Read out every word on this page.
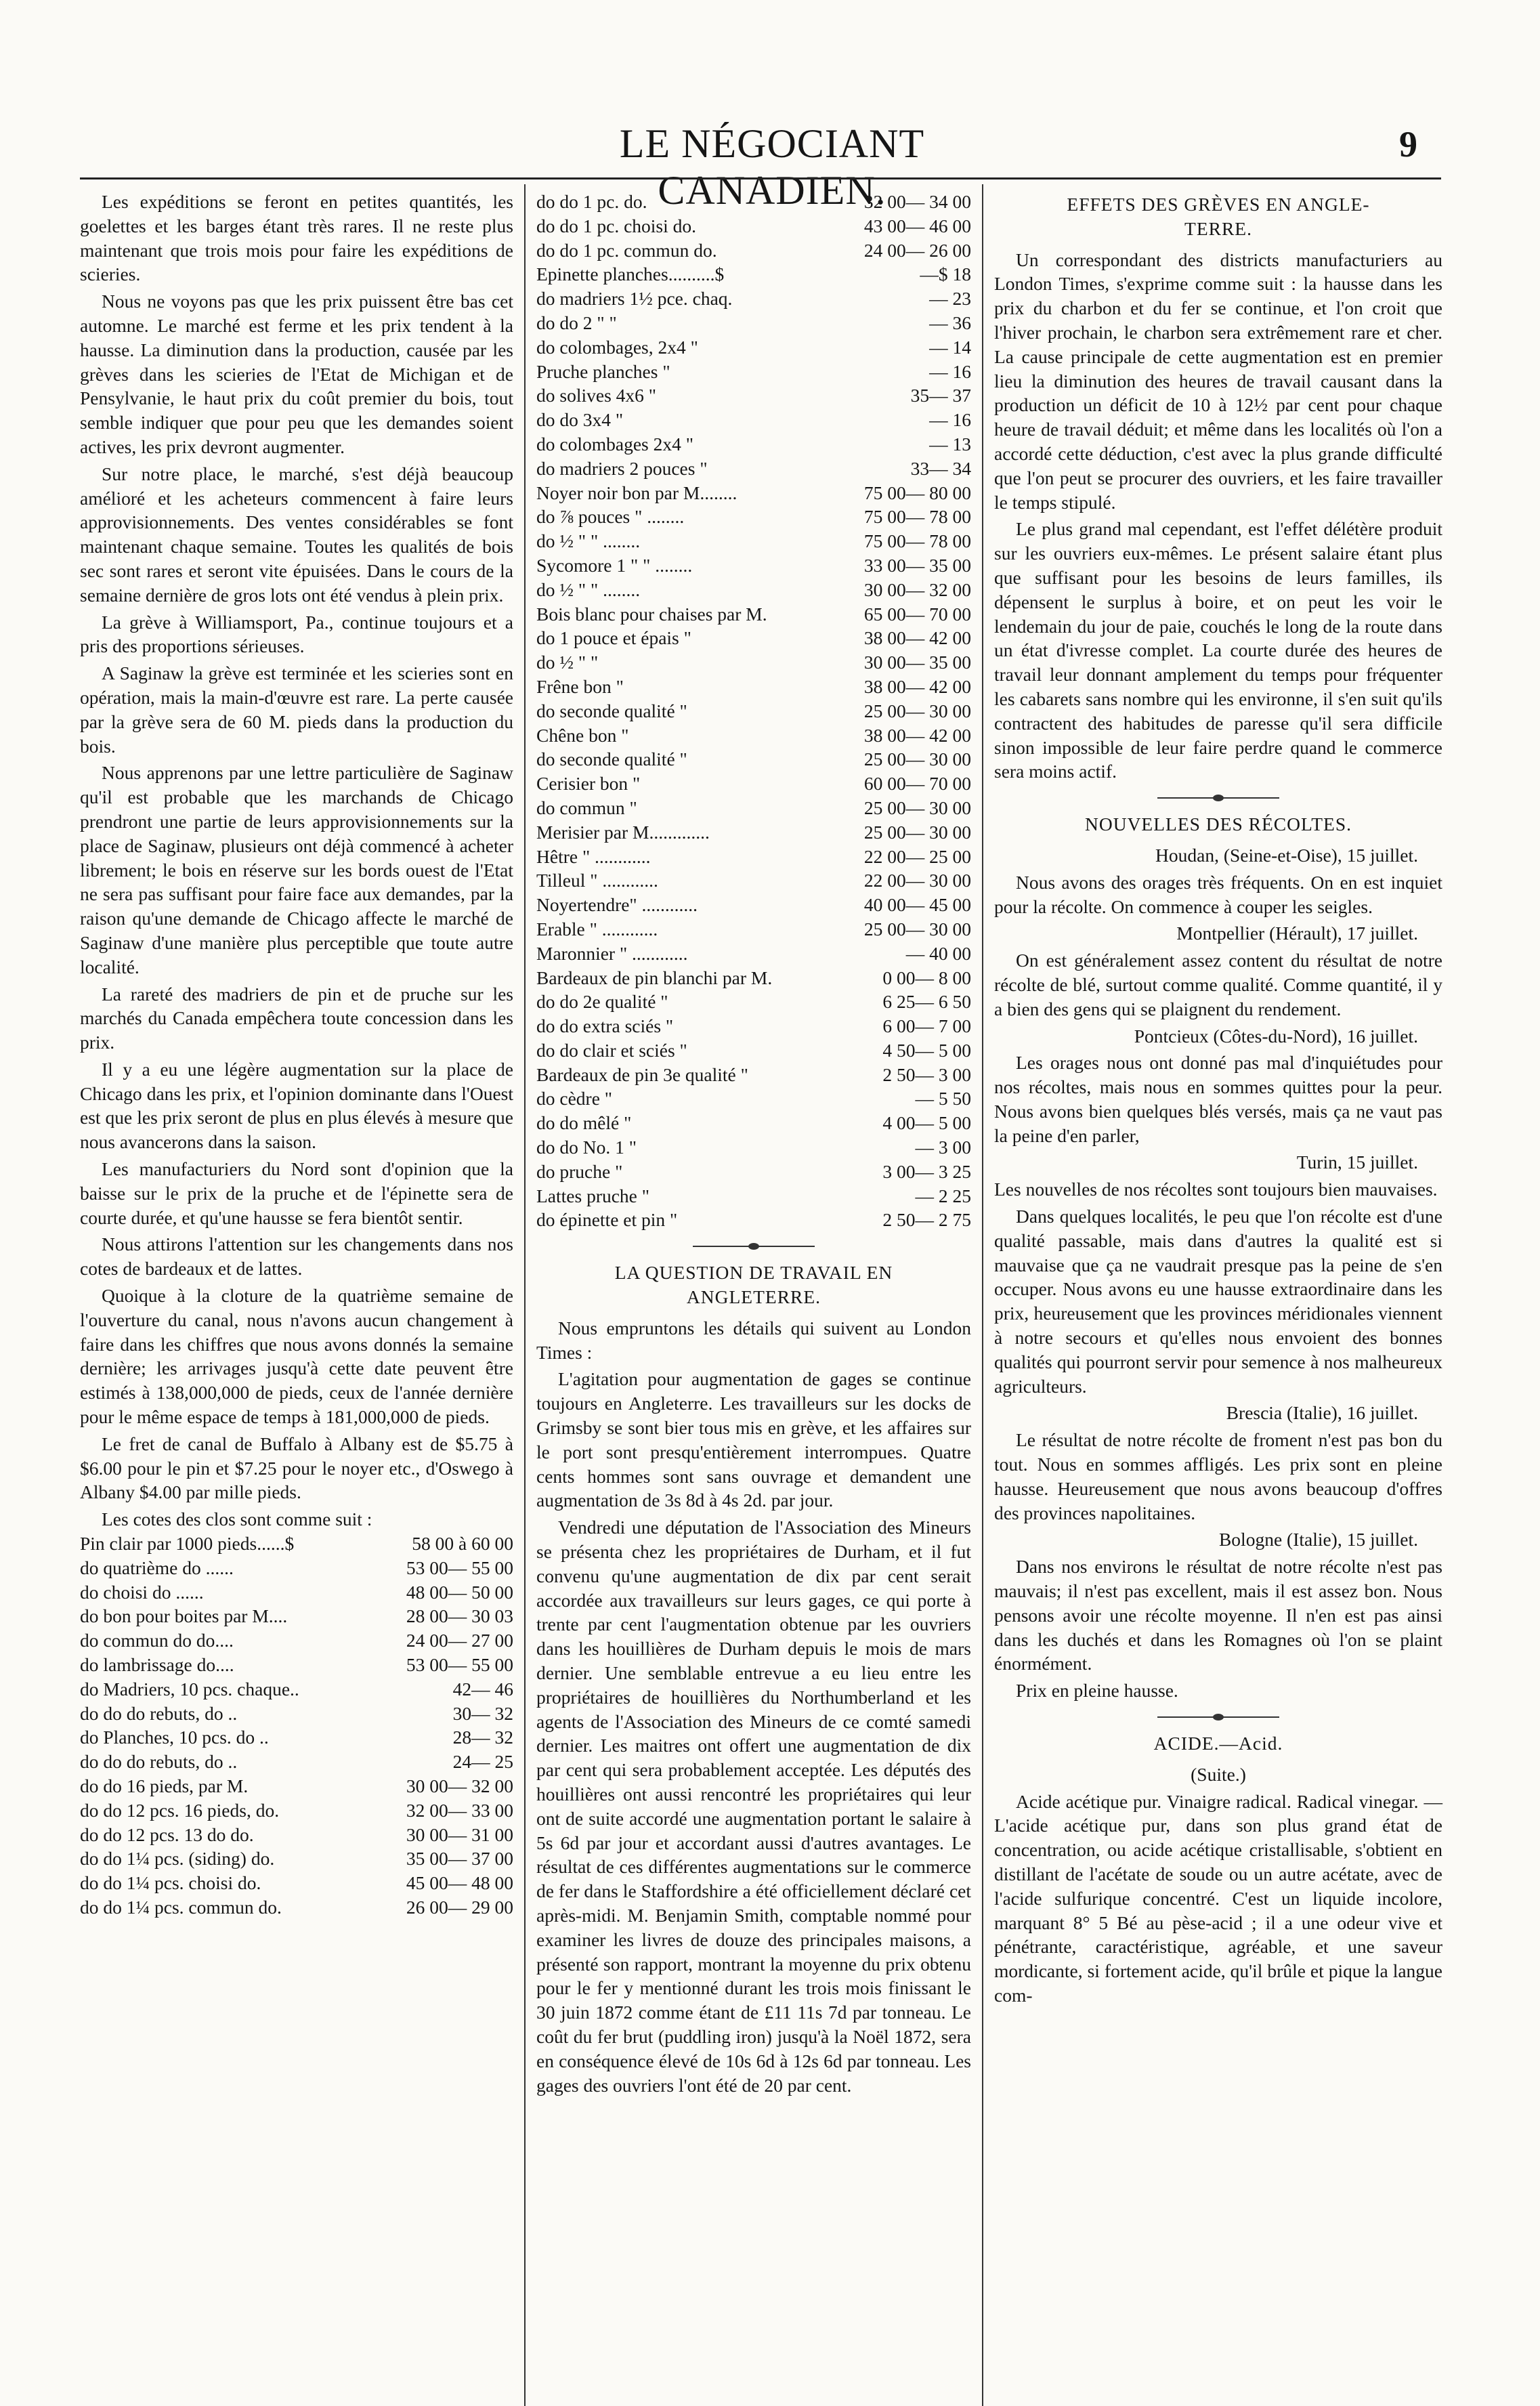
LE NÉGOCIANT CANADIEN.
9

Les expéditions se feront en petites quantités, les goelettes et les barges étant très rares. Il ne reste plus maintenant que trois mois pour faire les expéditions de scieries.

Nous ne voyons pas que les prix puissent être bas cet automne. Le marché est ferme et les prix tendent à la hausse. La diminution dans la production, causée par les grèves dans les scieries de l'Etat de Michigan et de Pensylvanie, le haut prix du coût premier du bois, tout semble indiquer que pour peu que les demandes soient actives, les prix devront augmenter.

Sur notre place, le marché, s'est déjà beaucoup amélioré et les acheteurs commencent à faire leurs approvisionnements. Des ventes considérables se font maintenant chaque semaine. Toutes les qualités de bois sec sont rares et seront vite épuisées. Dans le cours de la semaine dernière de gros lots ont été vendus à plein prix.

La grève à Williamsport, Pa., continue toujours et a pris des proportions sérieuses.

A Saginaw la grève est terminée et les scieries sont en opération, mais la main-d'œuvre est rare. La perte causée par la grève sera de 60 M. pieds dans la production du bois.

Nous apprenons par une lettre particulière de Saginaw qu'il est probable que les marchands de Chicago prendront une partie de leurs approvisionnements sur la place de Saginaw, plusieurs ont déjà commencé à acheter librement; le bois en réserve sur les bords ouest de l'Etat ne sera pas suffisant pour faire face aux demandes, par la raison qu'une demande de Chicago affecte le marché de Saginaw d'une manière plus perceptible que toute autre localité.

La rareté des madriers de pin et de pruche sur les marchés du Canada empêchera toute concession dans les prix.

Il y a eu une légère augmentation sur la place de Chicago dans les prix, et l'opinion dominante dans l'Ouest est que les prix seront de plus en plus élevés à mesure que nous avancerons dans la saison.

Les manufacturiers du Nord sont d'opinion que la baisse sur le prix de la pruche et de l'épinette sera de courte durée, et qu'une hausse se fera bientôt sentir.

Nous attirons l'attention sur les changements dans nos cotes de bardeaux et de lattes.

Quoique à la cloture de la quatrième semaine de l'ouverture du canal, nous n'avons aucun changement à faire dans les chiffres que nous avons donnés la semaine dernière; les arrivages jusqu'à cette date peuvent être estimés à 138,000,000 de pieds, ceux de l'année dernière pour le même espace de temps à 181,000,000 de pieds.

Le fret de canal de Buffalo à Albany est de $5.75 à $6.00 pour le pin et $7.25 pour le noyer etc., d'Oswego à Albany $4.00 par mille pieds.

Les cotes des clos sont comme suit :

Pin clair par 1000 pieds......$	58 00 à 60 00
do quatrième do ......	53 00— 55 00
do choisi do ......	48 00— 50 00
do bon pour boites par M....	28 00— 30 03
do commun do do....	24 00— 27 00
do lambrissage do....	53 00— 55 00
do Madriers, 10 pcs. chaque..	42— 46
do do do rebuts, do ..	30— 32
do Planches, 10 pcs. do ..	28— 32
do do do rebuts, do ..	24— 25
do do 16 pieds, par M.	30 00— 32 00
do do 12 pcs. 16 pieds, do.	32 00— 33 00
do do 12 pcs. 13 do do.	30 00— 31 00
do do 1¼ pcs. (siding) do.	35 00— 37 00
do do 1¼ pcs. choisi do.	45 00— 48 00
do do 1¼ pcs. commun do.	26 00— 29 00
do do 1 pc. do.	32 00— 34 00
do do 1 pc. choisi do.	43 00— 46 00
do do 1 pc. commun do.	24 00— 26 00
Epinette planches..........$	—$ 18
do madriers 1½ pce. chaq.	— 23
do do 2 " "	— 36
do colombages, 2x4 "	— 14
Pruche planches "	— 16
do solives 4x6 "	35— 37
do do 3x4 "	— 16
do colombages 2x4 "	— 13
do madriers 2 pouces "	33— 34
Noyer noir bon par M........	75 00— 80 00
do ⅞ pouces " ........	75 00— 78 00
do ½ " " ........	75 00— 78 00
Sycomore 1 " " ........	33 00— 35 00
do ½ " " ........	30 00— 32 00
Bois blanc pour chaises par M.	65 00— 70 00
do 1 pouce et épais "	38 00— 42 00
do ½ " "	30 00— 35 00
Frêne bon "	38 00— 42 00
do seconde qualité "	25 00— 30 00
Chêne bon "	38 00— 42 00
do seconde qualité "	25 00— 30 00
Cerisier bon "	60 00— 70 00
do commun "	25 00— 30 00
Merisier par M.............	25 00— 30 00
Hêtre " ............	22 00— 25 00
Tilleul " ............	22 00— 30 00
Noyertendre" ............	40 00— 45 00
Erable " ............	25 00— 30 00
Maronnier " ............	— 40 00
Bardeaux de pin blanchi par M.	0 00— 8 00
do do 2e qualité "	6 25— 6 50
do do extra sciés "	6 00— 7 00
do do clair et sciés "	4 50— 5 00
Bardeaux de pin 3e qualité "	2 50— 3 00
do cèdre "	— 5 50
do do mêlé "	4 00— 5 00
do do No. 1 "	— 3 00
do pruche "	3 00— 3 25
Lattes pruche "	— 2 25
do épinette et pin "	2 50— 2 75
LA QUESTION DE TRAVAIL EN
ANGLETERRE.

Nous empruntons les détails qui suivent au London Times :

L'agitation pour augmentation de gages se continue toujours en Angleterre. Les travailleurs sur les docks de Grimsby se sont bier tous mis en grève, et les affaires sur le port sont presqu'entièrement interrompues. Quatre cents hommes sont sans ouvrage et demandent une augmentation de 3s 8d à 4s 2d. par jour.

Vendredi une députation de l'Association des Mineurs se présenta chez les propriétaires de Durham, et il fut convenu qu'une augmentation de dix par cent serait accordée aux travailleurs sur leurs gages, ce qui porte à trente par cent l'augmentation obtenue par les ouvriers dans les houillières de Durham depuis le mois de mars dernier. Une semblable entrevue a eu lieu entre les propriétaires de houillières du Northumberland et les agents de l'Association des Mineurs de ce comté samedi dernier. Les maitres ont offert une augmentation de dix par cent qui sera probablement acceptée. Les députés des houillières ont aussi rencontré les propriétaires qui leur ont de suite accordé une augmentation portant le salaire à 5s 6d par jour et accordant aussi d'autres avantages. Le résultat de ces différentes augmentations sur le commerce de fer dans le Staffordshire a été officiellement déclaré cet après-midi. M. Benjamin Smith, comptable nommé pour examiner les livres de douze des principales maisons, a présenté son rapport, montrant la moyenne du prix obtenu pour le fer y mentionné durant les trois mois finissant le 30 juin 1872 comme étant de £11 11s 7d par tonneau. Le coût du fer brut (puddling iron) jusqu'à la Noël 1872, sera en conséquence élevé de 10s 6d à 12s 6d par tonneau. Les gages des ouvriers l'ont été de 20 par cent.

EFFETS DES GRÈVES EN ANGLE-
TERRE.

Un correspondant des districts manufacturiers au London Times, s'exprime comme suit : la hausse dans les prix du charbon et du fer se continue, et l'on croit que l'hiver prochain, le charbon sera extrêmement rare et cher. La cause principale de cette augmentation est en premier lieu la diminution des heures de travail causant dans la production un déficit de 10 à 12½ par cent pour chaque heure de travail déduit; et même dans les localités où l'on a accordé cette déduction, c'est avec la plus grande difficulté que l'on peut se procurer des ouvriers, et les faire travailler le temps stipulé.

Le plus grand mal cependant, est l'effet délétère produit sur les ouvriers eux-mêmes. Le présent salaire étant plus que suffisant pour les besoins de leurs familles, ils dépensent le surplus à boire, et on peut les voir le lendemain du jour de paie, couchés le long de la route dans un état d'ivresse complet. La courte durée des heures de travail leur donnant amplement du temps pour fréquenter les cabarets sans nombre qui les environne, il s'en suit qu'ils contractent des habitudes de paresse qu'il sera difficile sinon impossible de leur faire perdre quand le commerce sera moins actif.

NOUVELLES DES RÉCOLTES.

Houdan, (Seine-et-Oise), 15 juillet.

Nous avons des orages très fréquents. On en est inquiet pour la récolte. On commence à couper les seigles.

Montpellier (Hérault), 17 juillet.

On est généralement assez content du résultat de notre récolte de blé, surtout comme qualité. Comme quantité, il y a bien des gens qui se plaignent du rendement.

Pontcieux (Côtes-du-Nord), 16 juillet.

Les orages nous ont donné pas mal d'inquiétudes pour nos récoltes, mais nous en sommes quittes pour la peur. Nous avons bien quelques blés versés, mais ça ne vaut pas la peine d'en parler,

Turin, 15 juillet.

Les nouvelles de nos récoltes sont toujours bien mauvaises.

Dans quelques localités, le peu que l'on récolte est d'une qualité passable, mais dans d'autres la qualité est si mauvaise que ça ne vaudrait presque pas la peine de s'en occuper. Nous avons eu une hausse extraordinaire dans les prix, heureusement que les provinces méridionales viennent à notre secours et qu'elles nous envoient des bonnes qualités qui pourront servir pour semence à nos malheureux agriculteurs.

Brescia (Italie), 16 juillet.

Le résultat de notre récolte de froment n'est pas bon du tout. Nous en sommes affligés. Les prix sont en pleine hausse. Heureusement que nous avons beaucoup d'offres des provinces napolitaines.

Bologne (Italie), 15 juillet.

Dans nos environs le résultat de notre récolte n'est pas mauvais; il n'est pas excellent, mais il est assez bon. Nous pensons avoir une récolte moyenne. Il n'en est pas ainsi dans les duchés et dans les Romagnes où l'on se plaint énormément.

Prix en pleine hausse.

ACIDE.—Acid.

(Suite.)

Acide acétique pur. Vinaigre radical. Radical vinegar. — L'acide acétique pur, dans son plus grand état de concentration, ou acide acétique cristallisable, s'obtient en distillant de l'acétate de soude ou un autre acétate, avec de l'acide sulfurique concentré. C'est un liquide incolore, marquant 8° 5 Bé au pèse-acid ; il a une odeur vive et pénétrante, caractéristique, agréable, et une saveur mordicante, si fortement acide, qu'il brûle et pique la langue com-
